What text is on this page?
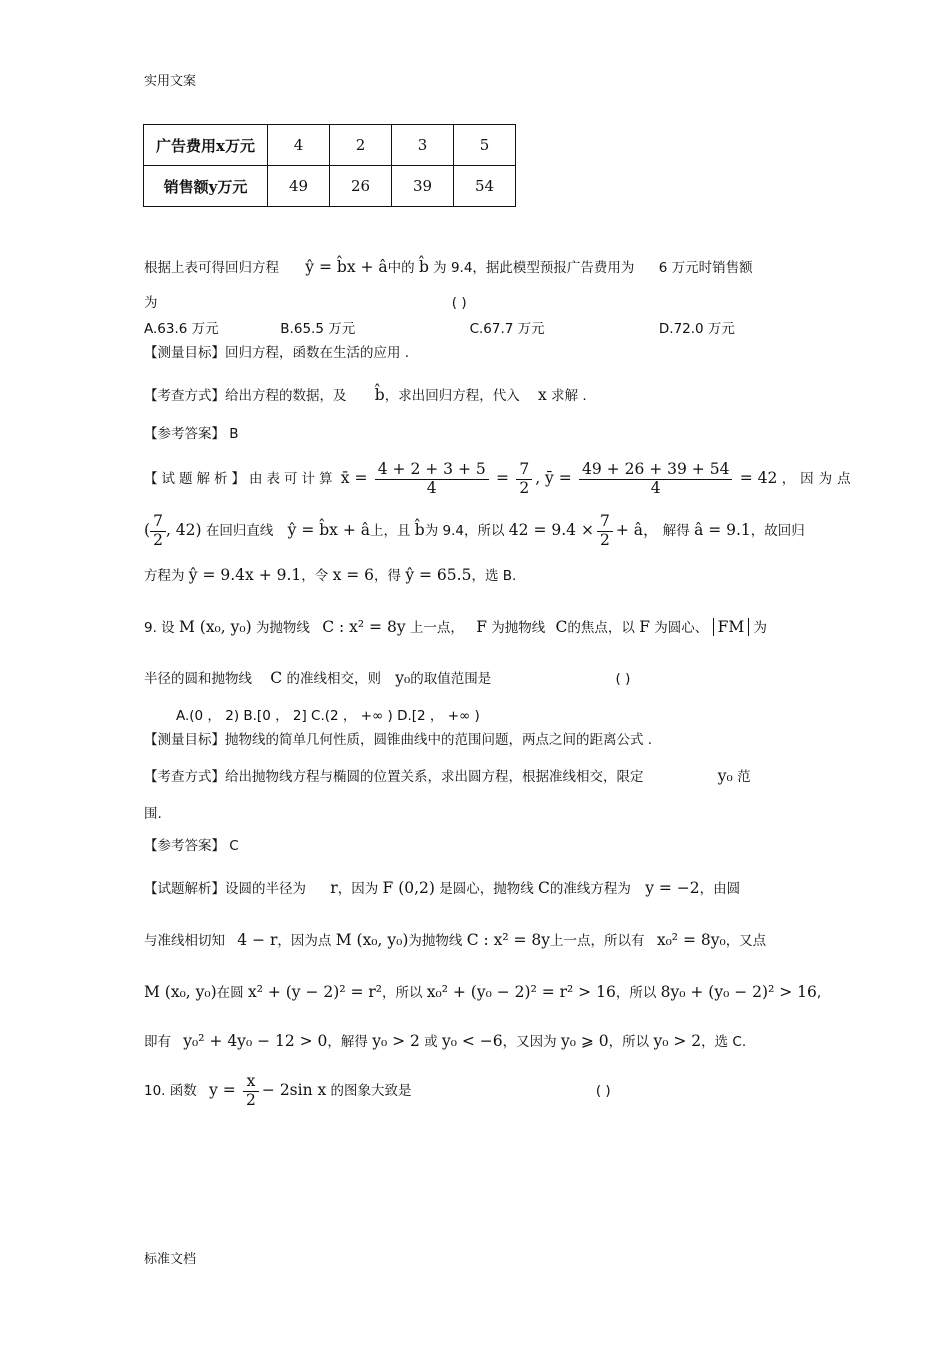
实用文案
广告费用x万元	4	2	3	5
销售额y万元	49	26	39	54
根据上表可得回归方程 ŷ = b̂x + â中的 b̂ 为 9.4，据此模型预报广告费用为 6 万元时销售额
为	( )
A.63.6 万元	B.65.5 万元	C.67.7 万元	D.72.0 万元
【测量目标】回归方程，函数在生活的应用 .
【考查方式】给出方程的数据，及 b̂，求出回归方程，代入 x 求解 .
【参考答案】 B
【试题解析】由表可计算 x̄ = $\frac{4 + 2 + 3 + 5}{4} = \frac{7}{2}$ , ȳ = $\frac{49 + 26 + 39 + 54}{4} = 42$ ，因为点
( $\frac{7}{2}$ , 42) 在回归直线 ŷ = b̂x + â上，且 b̂为 9.4，所以 $42 = 9.4 \times \frac{7}{2}$ + â， 解得 â = 9.1，故回归
方程为 ŷ = 9.4x + 9.1，令 x = 6，得 ŷ = 65.5，选 B.
9. 设 M (x₀, y₀) 为抛物线 C : x² = 8y 上一点， F 为抛物线 C的焦点，以 F 为圆心、 FM 为
半径的圆和抛物线 C 的准线相交，则 y₀的取值范围是	( )
A.(0 ， 2) B.[0 ， 2] C.(2 ， +∞ ) D.[2 ， +∞ )
【测量目标】抛物线的简单几何性质，圆锥曲线中的范围问题，两点之间的距离公式 .
【考查方式】给出抛物线方程与椭圆的位置关系，求出圆方程，根据准线相交，限定	y₀ 范
围.
【参考答案】 C
【试题解析】设圆的半径为 r，因为 F (0,2) 是圆心，抛物线 C的准线方程为 y = −2，由圆
与准线相切知 4 − r，因为点 M (x₀, y₀)为抛物线 C : x² = 8y上一点，所以有 x₀² = 8y₀，又点
M (x₀, y₀)在圆 x² + (y − 2)² = r²，所以 x₀² + (y₀ − 2)² = r² > 16，所以 8y₀ + (y₀ − 2)² > 16,
即有 y₀² + 4y₀ − 12 > 0，解得 y₀ > 2 或 y₀ < −6，又因为 y₀ ⩾ 0，所以 y₀ > 2，选 C.
10. 函数 $y = \frac{x}{2} - 2\sin$ x 的图象大致是	( )
标准文档
